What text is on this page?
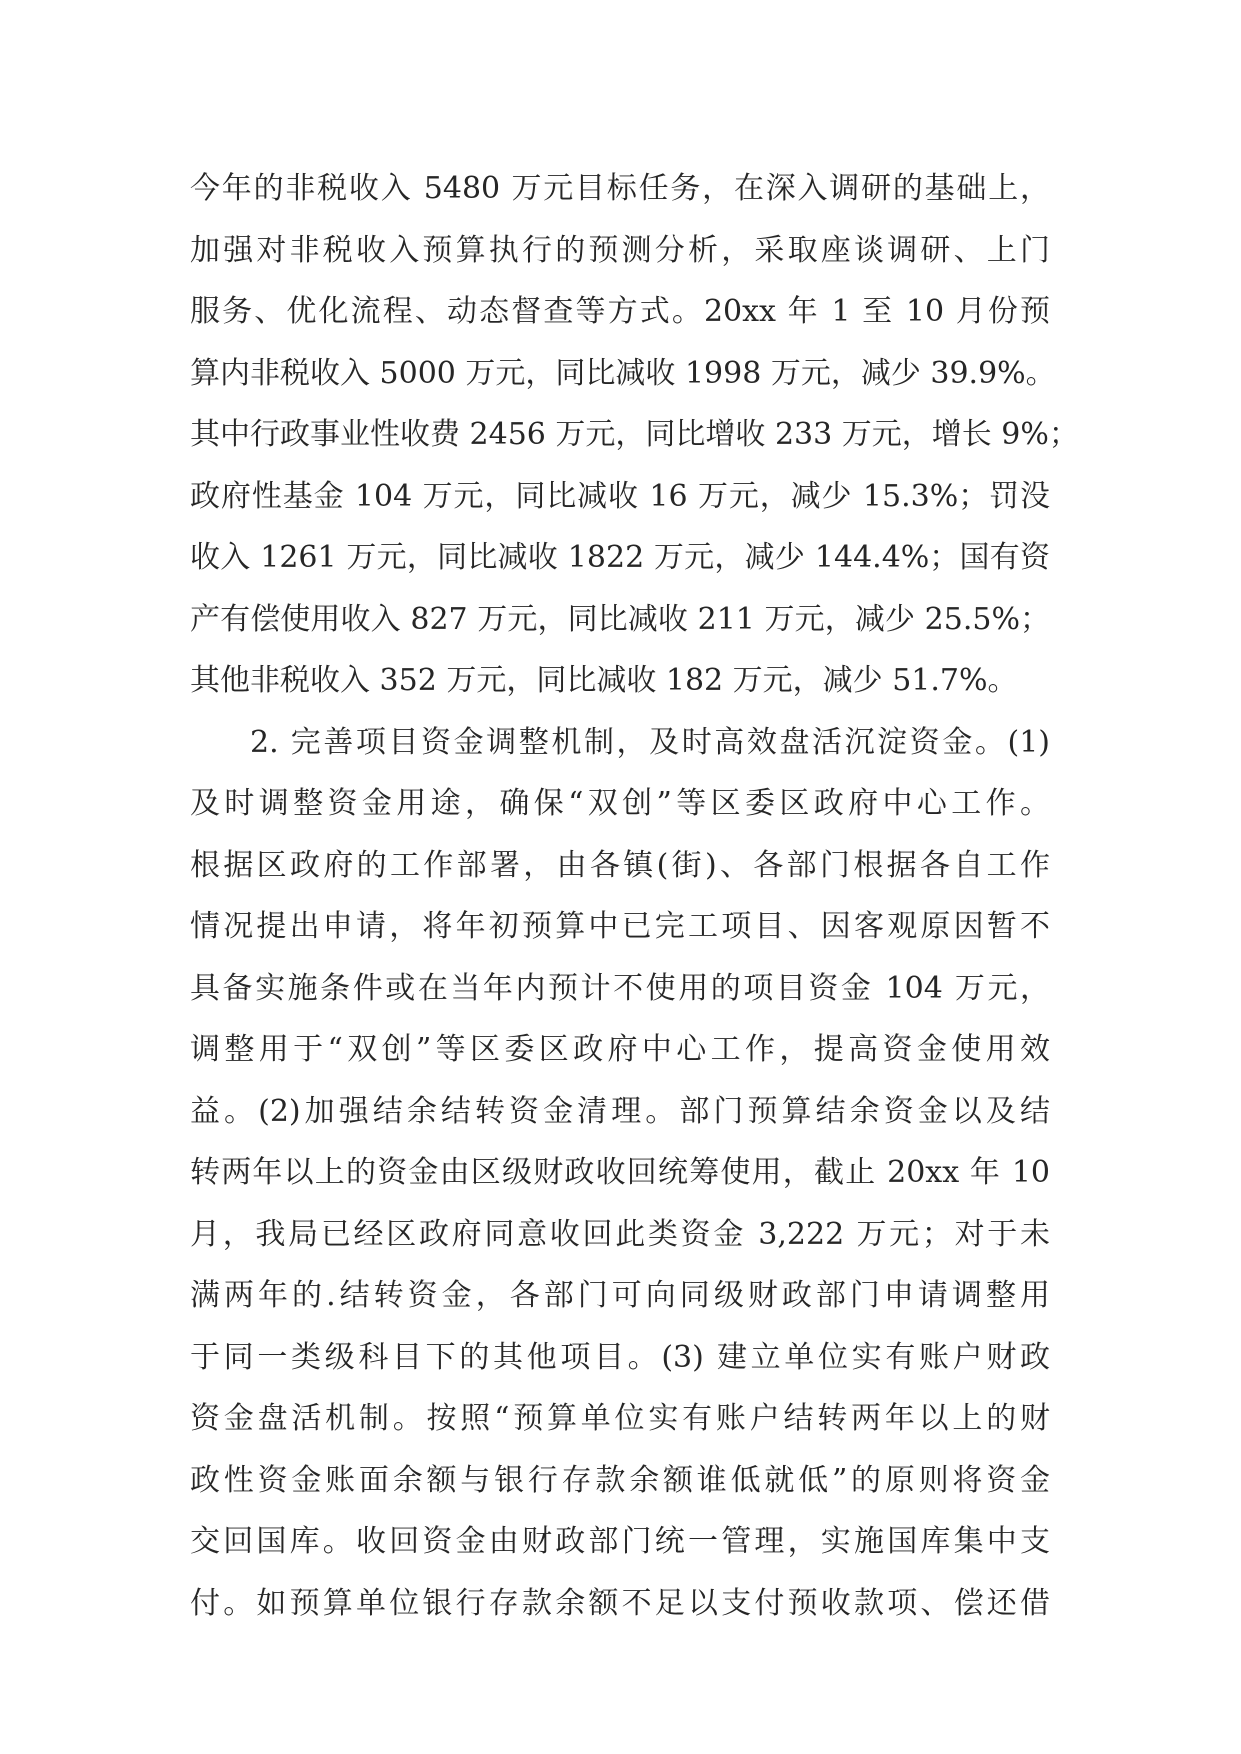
今年的非税收入 5480 万元目标任务，在深入调研的基础上，
加强对非税收入预算执行的预测分析，采取座谈调研、上门
服务、优化流程、动态督查等方式。20xx 年 1 至 10 月份预
算内非税收入 5000 万元，同比减收 1998 万元，减少 39.9%。
其中行政事业性收费 2456 万元，同比增收 233 万元，增长 9%；
政府性基金 104 万元，同比减收 16 万元，减少 15.3%；罚没
收入 1261 万元，同比减收 1822 万元，减少 144.4%；国有资
产有偿使用收入 827 万元，同比减收 211 万元，减少 25.5%；
其他非税收入 352 万元，同比减收 182 万元，减少 51.7%。
2. 完善项目资金调整机制，及时高效盘活沉淀资金。(1)
及时调整资金用途，确保“双创”等区委区政府中心工作。
根据区政府的工作部署，由各镇(街)、各部门根据各自工作
情况提出申请，将年初预算中已完工项目、因客观原因暂不
具备实施条件或在当年内预计不使用的项目资金 104 万元，
调整用于“双创”等区委区政府中心工作，提高资金使用效
益。(2)加强结余结转资金清理。部门预算结余资金以及结
转两年以上的资金由区级财政收回统筹使用，截止 20xx 年 10
月，我局已经区政府同意收回此类资金 3,222 万元；对于未
满两年的.结转资金，各部门可向同级财政部门申请调整用
于同一类级科目下的其他项目。(3) 建立单位实有账户财政
资金盘活机制。按照“预算单位实有账户结转两年以上的财
政性资金账面余额与银行存款余额谁低就低”的原则将资金
交回国库。收回资金由财政部门统一管理，实施国库集中支
付。如预算单位银行存款余额不足以支付预收款项、偿还借
